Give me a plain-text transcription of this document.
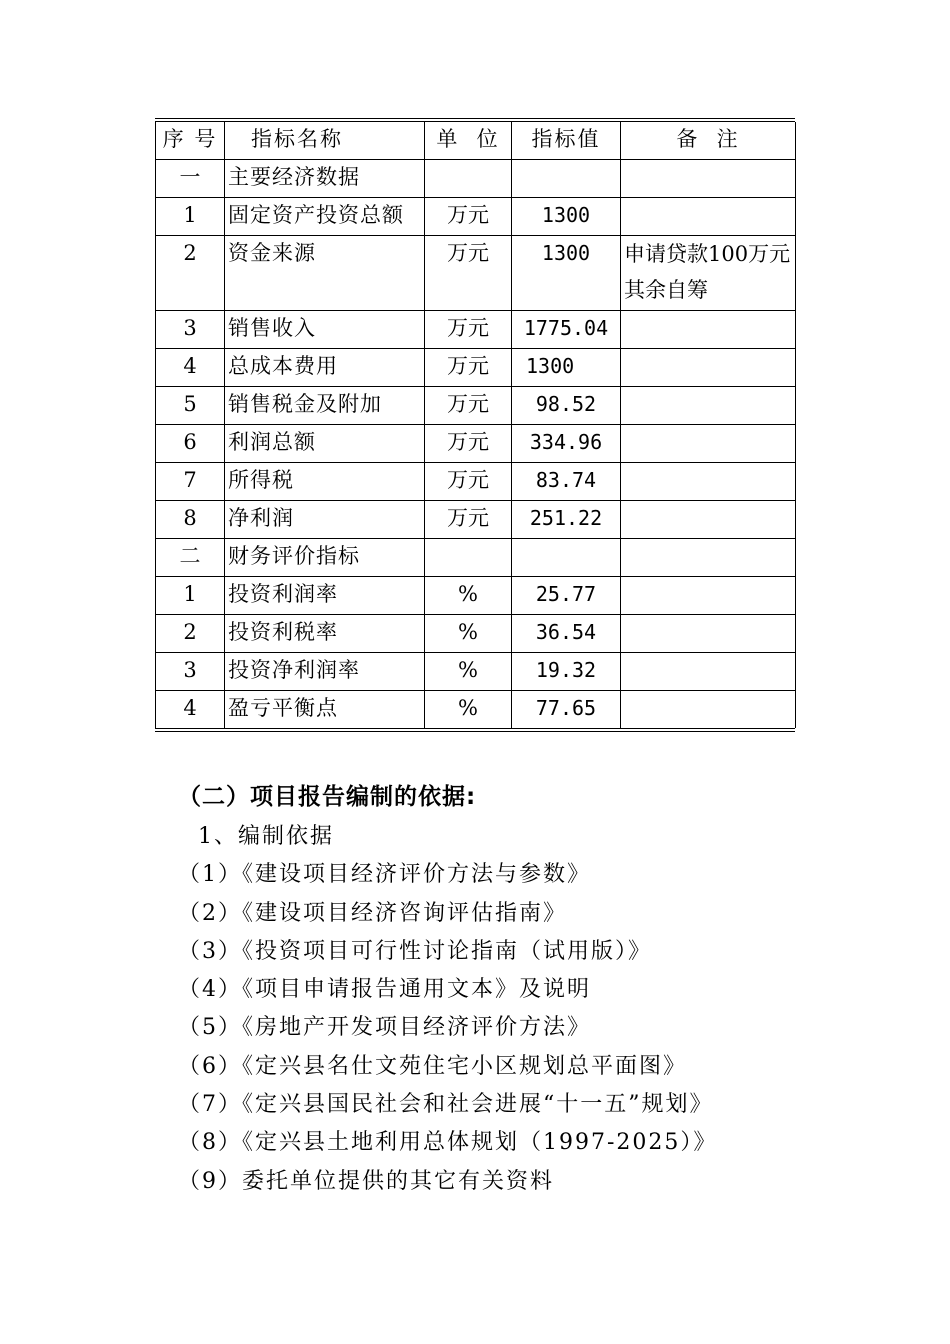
序 号	指标名称	单  位	指标值	备  注
一	主要经济数据			
1	固定资产投资总额	万元	1300	
2	资金来源	万元	1300	申请贷款100万元其余自筹
3	销售收入	万元	1775.04	
4	总成本费用	万元	1300	
5	销售税金及附加	万元	98.52	
6	利润总额	万元	334.96	
7	所得税	万元	83.74	
8	净利润	万元	251.22	
二	财务评价指标			
1	投资利润率	%	25.77	
2	投资利税率	%	36.54	
3	投资净利润率	%	19.32	
4	盈亏平衡点	%	77.65	
（二）项目报告编制的依据:
1、编制依据
（1）《建设项目经济评价方法与参数》
（2）《建设项目经济咨询评估指南》
（3）《投资项目可行性讨论指南（试用版）》
（4）《项目申请报告通用文本》及说明
（5）《房地产开发项目经济评价方法》
（6）《定兴县名仕文苑住宅小区规划总平面图》
（7）《定兴县国民社会和社会进展“十一五”规划》
（8）《定兴县土地利用总体规划（1997-2025）》
（9）委托单位提供的其它有关资料
